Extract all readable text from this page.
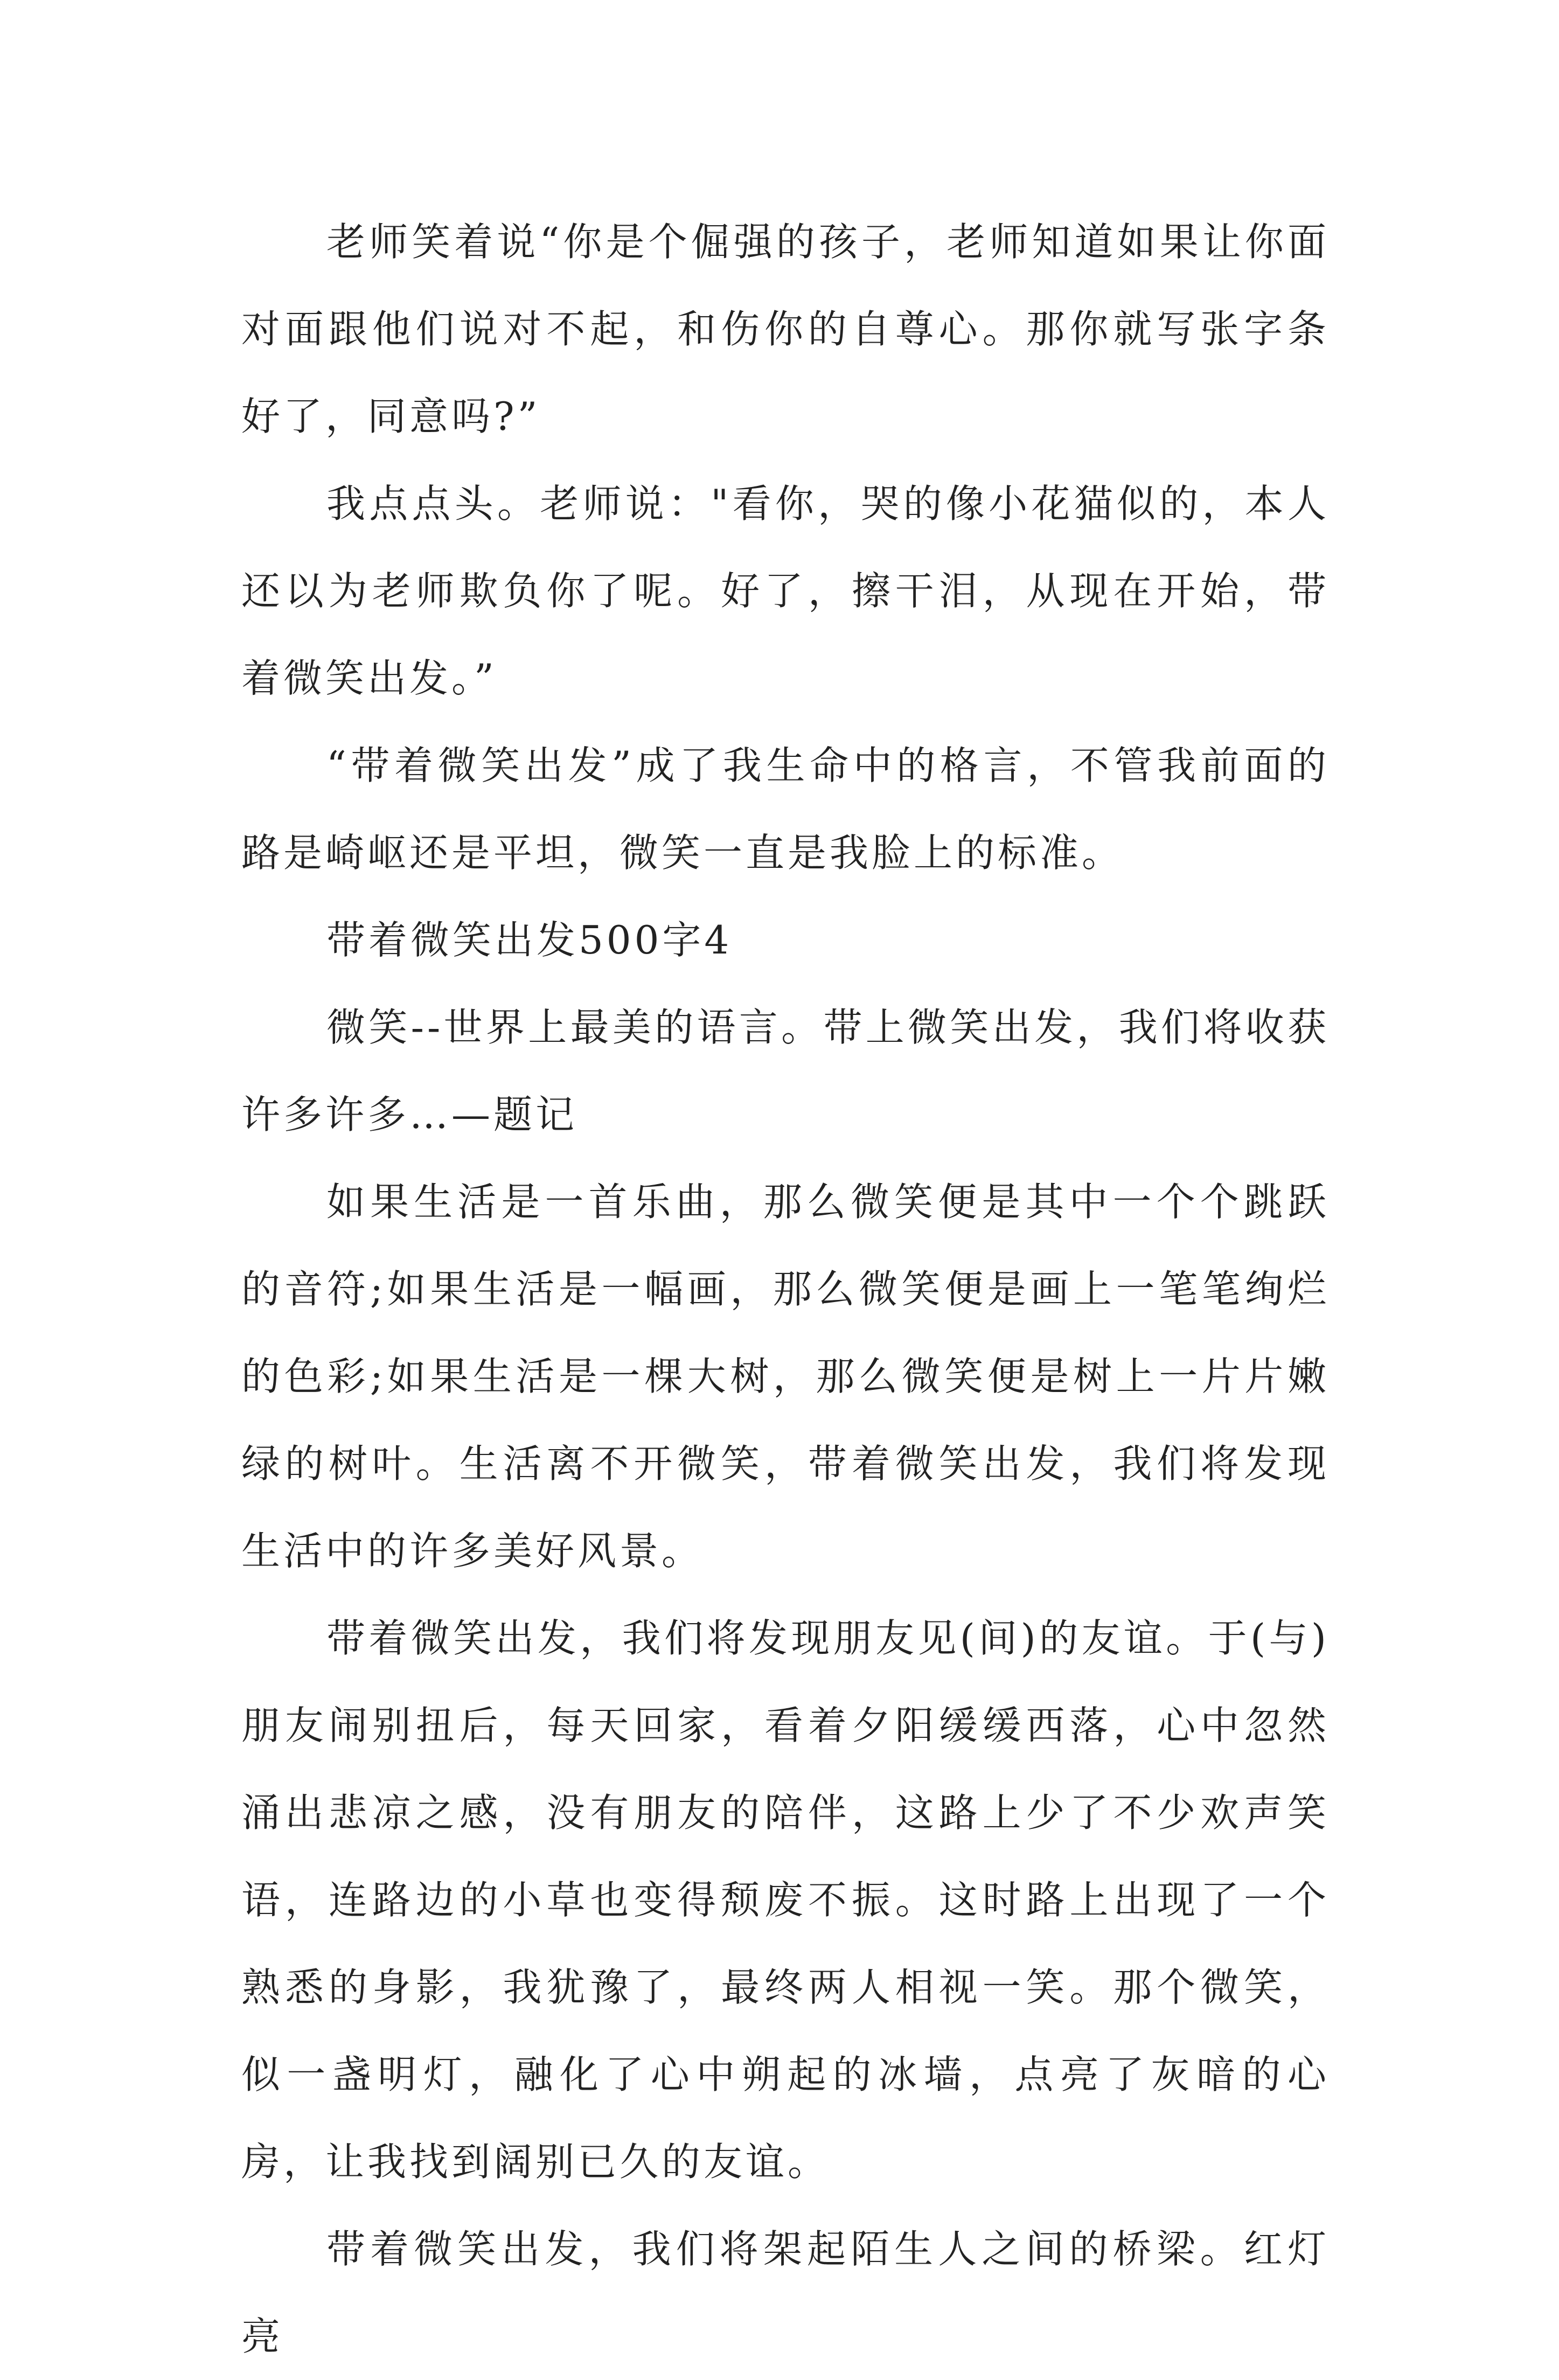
老师笑着说“你是个倔强的孩子，老师知道如果让你面对面跟他们说对不起，和伤你的自尊心。那你就写张字条好了，同意吗?”

我点点头。老师说："看你，哭的像小花猫似的，本人还以为老师欺负你了呢。好了，擦干泪，从现在开始，带着微笑出发。”

“带着微笑出发”成了我生命中的格言，不管我前面的路是崎岖还是平坦，微笑一直是我脸上的标准。

带着微笑出发500字4

微笑--世界上最美的语言。带上微笑出发，我们将收获许多许多…—题记

如果生活是一首乐曲，那么微笑便是其中一个个跳跃的音符;如果生活是一幅画，那么微笑便是画上一笔笔绚烂的色彩;如果生活是一棵大树，那么微笑便是树上一片片嫩绿的树叶。生活离不开微笑，带着微笑出发，我们将发现生活中的许多美好风景。

带着微笑出发，我们将发现朋友见(间)的友谊。于(与)朋友闹别扭后，每天回家，看着夕阳缓缓西落，心中忽然涌出悲凉之感，没有朋友的陪伴，这路上少了不少欢声笑语，连路边的小草也变得颓废不振。这时路上出现了一个熟悉的身影，我犹豫了，最终两人相视一笑。那个微笑，似一盏明灯，融化了心中朔起的冰墙，点亮了灰暗的心房，让我找到阔别已久的友谊。

带着微笑出发，我们将架起陌生人之间的桥梁。红灯亮
